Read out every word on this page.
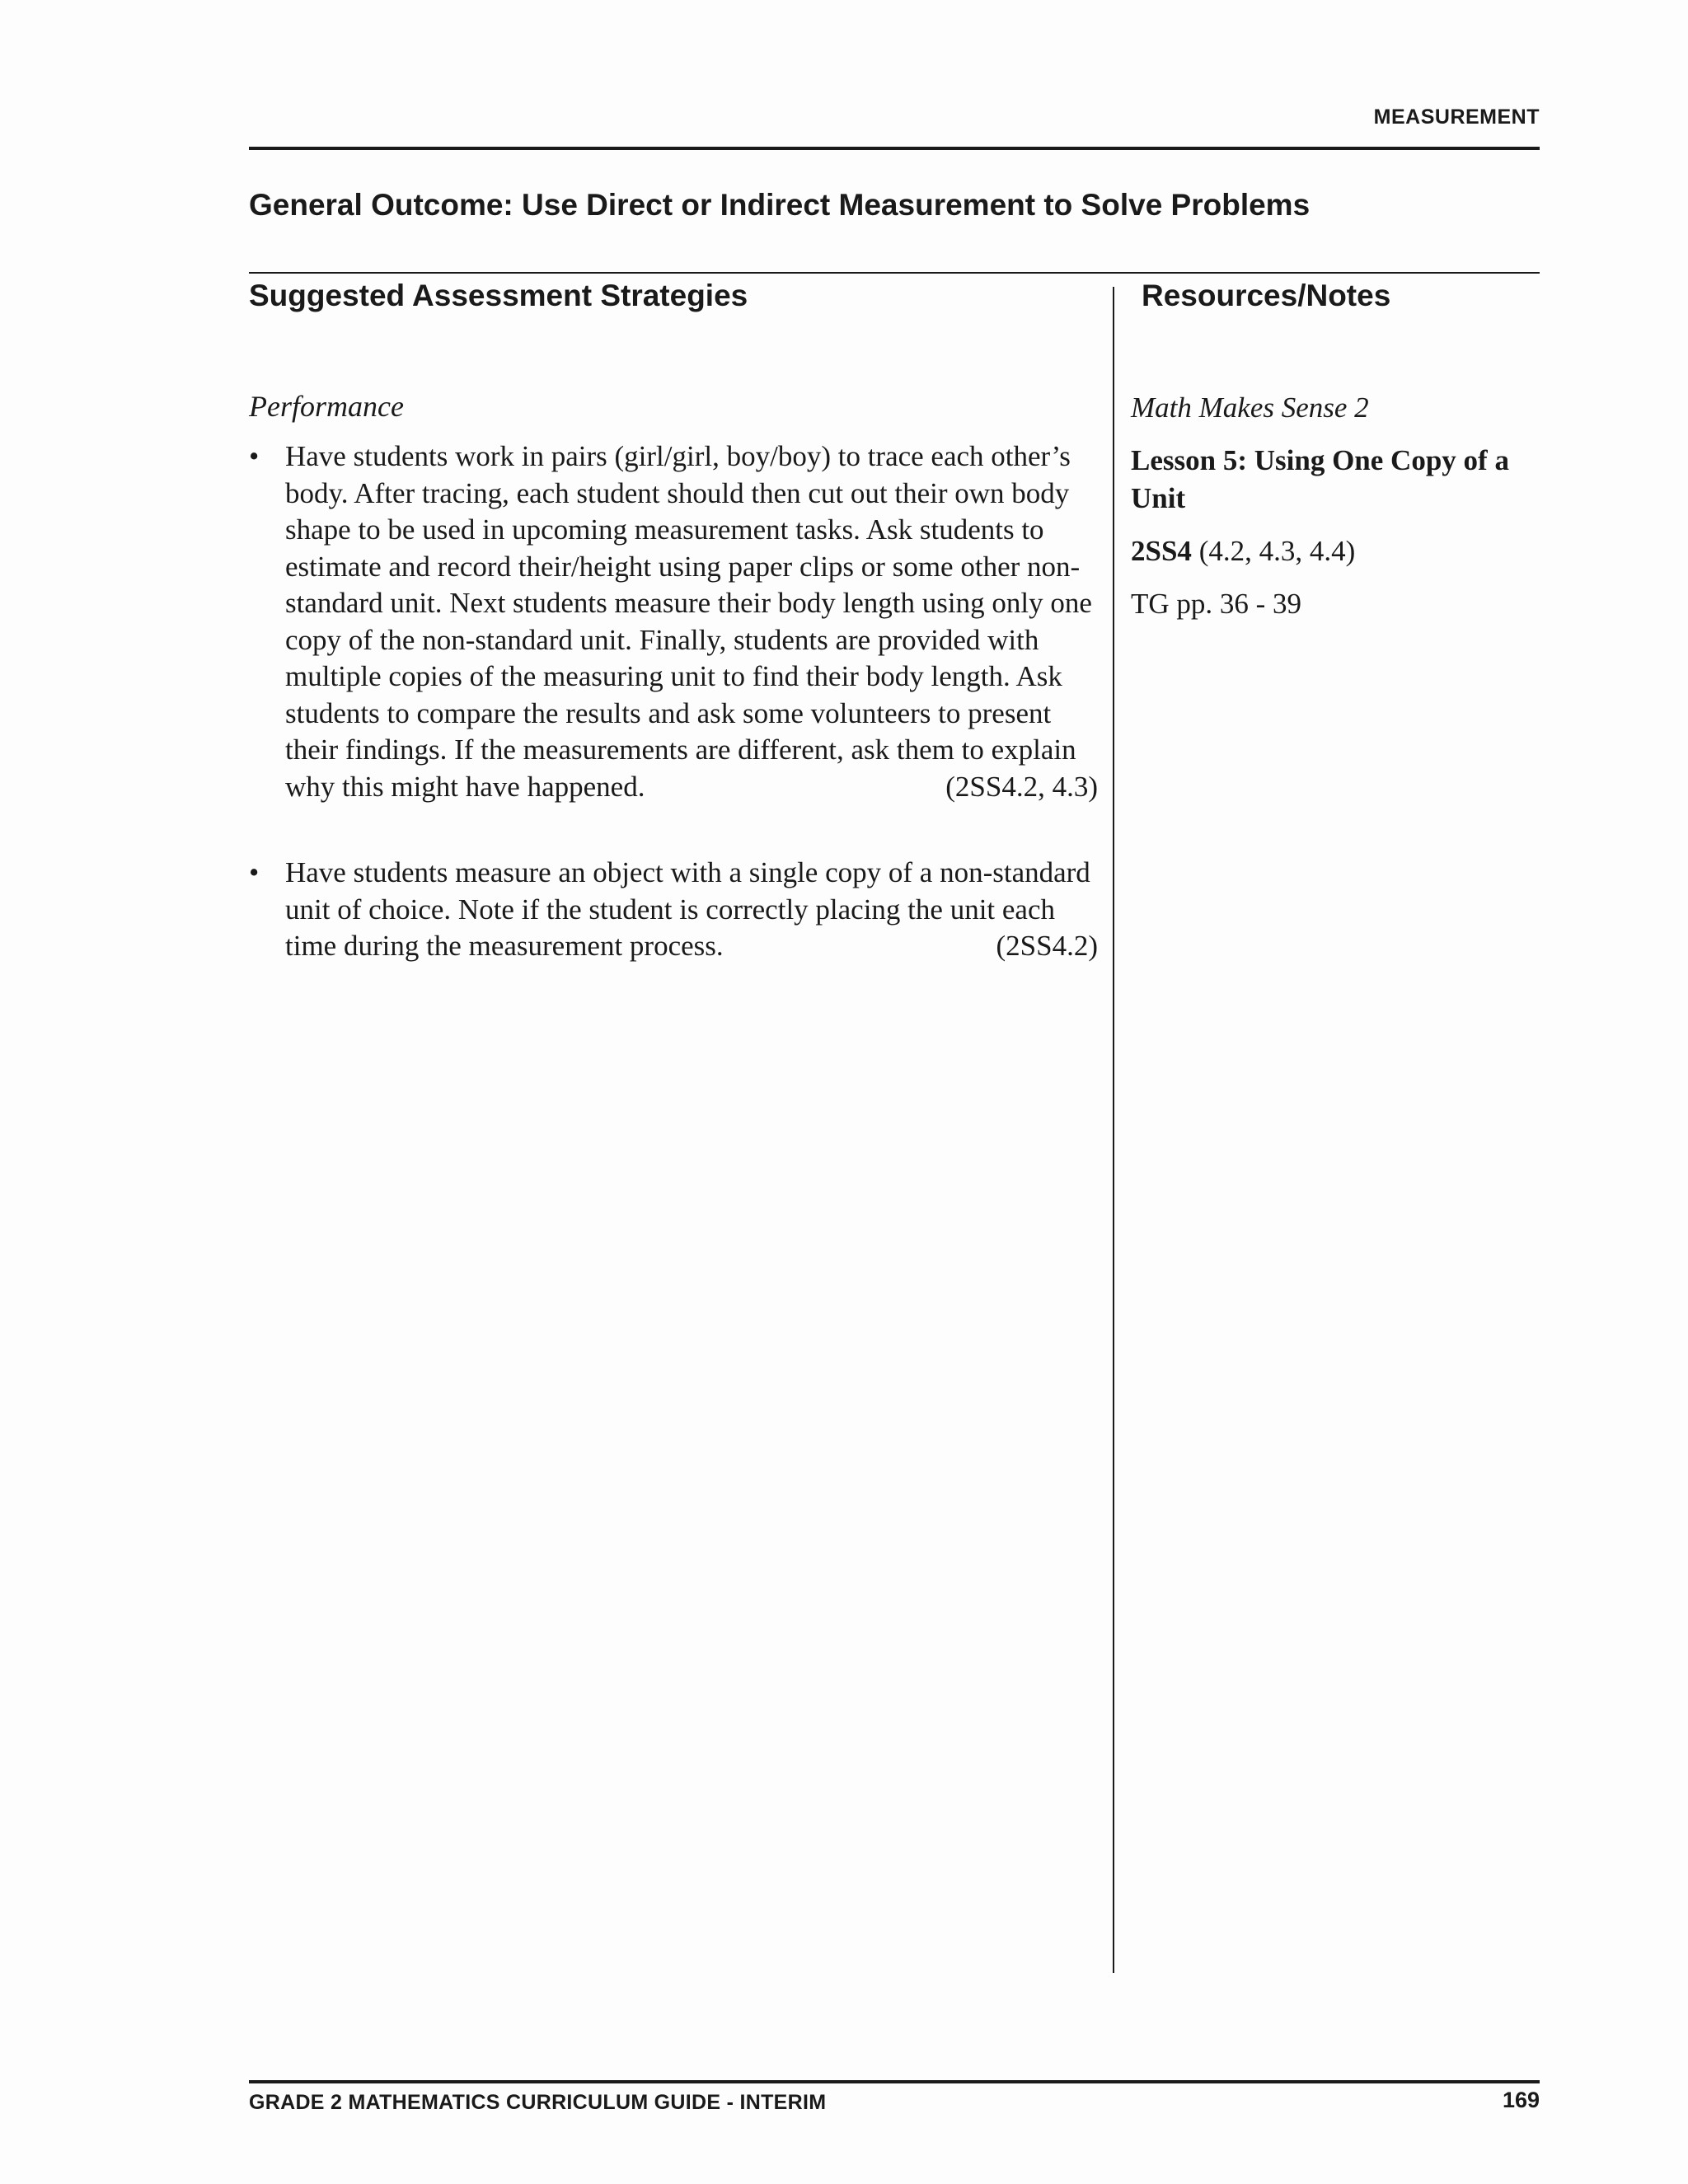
MEASUREMENT
General Outcome: Use Direct or Indirect Measurement to Solve Problems
Suggested Assessment Strategies	Resources/Notes

Performance

•
(2SS4.2, 4.3)
Have students work in pairs (girl/girl, boy/boy) to trace each other’s body. After tracing, each student should then cut out their own body shape to be used in upcoming measurement tasks. Ask students to estimate and record their/height using paper clips or some other non-standard unit. Next students measure their body length using only one copy of the non-standard unit. Finally, students are provided with multiple copies of the measuring unit to find their body length. Ask students to compare the results and ask some volunteers to present their findings. If the measurements are different, ask them to explain why this might have happened.
•
(2SS4.2)
Have students measure an object with a single copy of a non-standard unit of choice. Note if the student is correctly placing the unit each time during the measurement process.

Math Makes Sense 2

Lesson 5: Using One Copy of a Unit

2SS4 (4.2, 4.3, 4.4)

TG pp. 36 - 39

GRADE 2 MATHEMATICS CURRICULUM GUIDE - INTERIM	169
